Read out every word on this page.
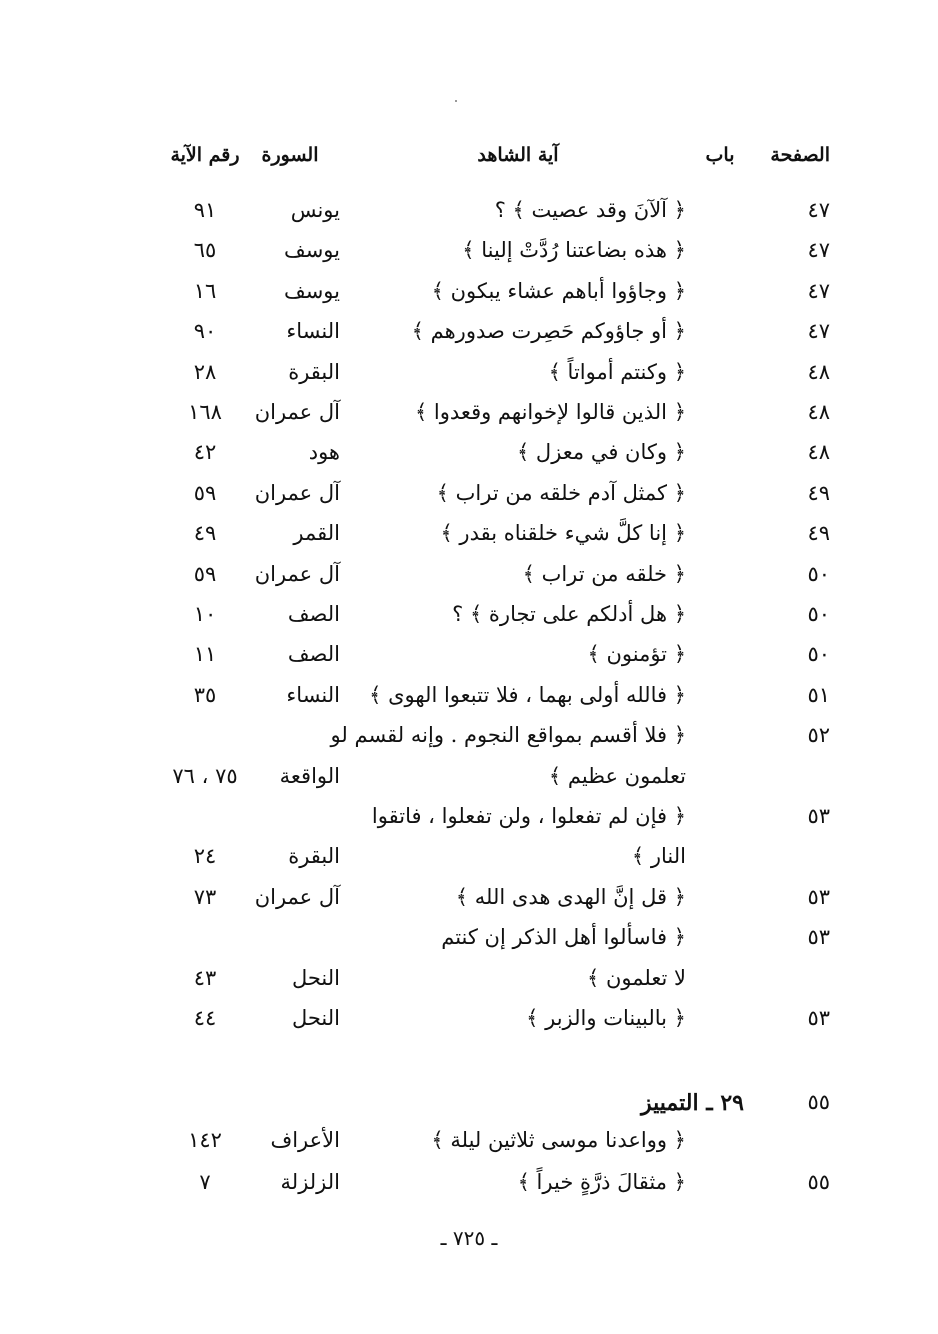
الصفحة
باب
آية الشاهد
السورة
رقم الآية
٤٧
﴿ آلآنَ وقد عصيت ﴾ ؟
يونس
٩١
٤٧
﴿ هذه بضاعتنا رُدَّتْ إلينا ﴾
يوسف
٦٥
٤٧
﴿ وجاؤوا أباهم عشاء يبكون ﴾
يوسف
١٦
٤٧
﴿ أو جاؤوكم حَصِرت صدورهم ﴾
النساء
٩٠
٤٨
﴿ وكنتم أمواتاً ﴾
البقرة
٢٨
٤٨
﴿ الذين قالوا لإخوانهم وقعدوا ﴾
آل عمران
١٦٨
٤٨
﴿ وكان في معزل ﴾
هود
٤٢
٤٩
﴿ كمثل آدم خلقه من تراب ﴾
آل عمران
٥٩
٤٩
﴿ إنا كلَّ شيء خلقناه بقدر ﴾
القمر
٤٩
٥٠
﴿ خلقه من تراب ﴾
آل عمران
٥٩
٥٠
﴿ هل أدلكم على تجارة ﴾ ؟
الصف
١٠
٥٠
﴿ تؤمنون ﴾
الصف
١١
٥١
﴿ فالله أولى بهما ، فلا تتبعوا الهوى ﴾
النساء
٣٥
٥٢
﴿ فلا أقسم بمواقع النجوم . وإنه لقسم لو
تعلمون عظيم ﴾
الواقعة
٧٥ ، ٧٦
٥٣
﴿ فإن لم تفعلوا ، ولن تفعلوا ، فاتقوا
النار ﴾
البقرة
٢٤
٥٣
﴿ قل إنَّ الهدى هدى الله ﴾
آل عمران
٧٣
٥٣
﴿ فاسألوا أهل الذكر إن كنتم
لا تعلمون ﴾
النحل
٤٣
٥٣
﴿ بالبينات والزبر ﴾
النحل
٤٤
٥٥
٢٩ ـ التمييز
﴿ وواعدنا موسى ثلاثين ليلة ﴾
الأعراف
١٤٢
٥٥
﴿ مثقالَ ذرَّةٍ خيراً ﴾
الزلزلة
٧
ـ ٧٢٥ ـ
